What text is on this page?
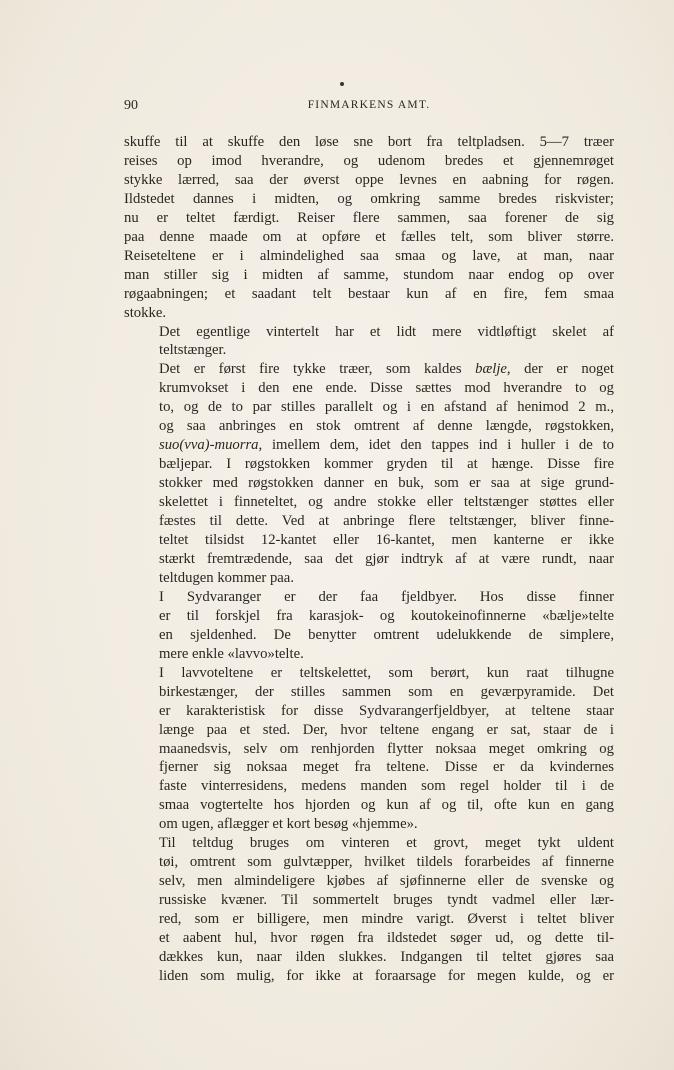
90	FINMARKENS AMT.

skuffe til at skuffe den løse sne bort fra teltpladsen. 5—7 træer
reises op imod hverandre, og udenom bredes et gjennemrøget
stykke lærred, saa der øverst oppe levnes en aabning for røgen.
Ildstedet dannes i midten, og omkring samme bredes riskvister;
nu er teltet færdigt. Reiser flere sammen, saa forener de sig
paa denne maade om at opføre et fælles telt, som bliver større.
Reiseteltene er i almindelighed saa smaa og lave, at man, naar
man stiller sig i midten af samme, stundom naar endog op over
røgaabningen; et saadant telt bestaar kun af en fire, fem smaa
stokke.

Det egentlige vintertelt har et lidt mere vidtløftigt skelet af
teltstænger.

Det er først fire tykke træer, som kaldes bælje, der er noget
krumvokset i den ene ende. Disse sættes mod hverandre to og
to, og de to par stilles parallelt og i en afstand af henimod 2 m.,
og saa anbringes en stok omtrent af denne længde, røgstokken,
suo(vva)-muorra, imellem dem, idet den tappes ind i huller i de to
bæljepar. I røgstokken kommer gryden til at hænge. Disse fire
stokker med røgstokken danner en buk, som er saa at sige grund-
skelettet i finneteltet, og andre stokke eller teltstænger støttes eller
fæstes til dette. Ved at anbringe flere teltstænger, bliver finne-
teltet tilsidst 12-kantet eller 16-kantet, men kanterne er ikke
stærkt fremtrædende, saa det gjør indtryk af at være rundt, naar
teltdugen kommer paa.

I Sydvaranger er der faa fjeldbyer. Hos disse finner
er til forskjel fra karasjok- og koutokeinofinnerne «bælje»telte
en sjeldenhed. De benytter omtrent udelukkende de simplere,
mere enkle «lavvo»telte.

I lavvoteltene er teltskelettet, som berørt, kun raat tilhugne
birkestænger, der stilles sammen som en geværpyramide. Det
er karakteristisk for disse Sydvarangerfjeldbyer, at teltene staar
længe paa et sted. Der, hvor teltene engang er sat, staar de i
maanedsvis, selv om renhjorden flytter noksaa meget omkring og
fjerner sig noksaa meget fra teltene. Disse er da kvindernes
faste vinterresidens, medens manden som regel holder til i de
smaa vogtertelte hos hjorden og kun af og til, ofte kun en gang
om ugen, aflægger et kort besøg «hjemme».

Til teltdug bruges om vinteren et grovt, meget tykt uldent
tøi, omtrent som gulvtæpper, hvilket tildels forarbeides af finnerne
selv, men almindeligere kjøbes af sjøfinnerne eller de svenske og
russiske kvæner. Til sommertelt bruges tyndt vadmel eller lær-
red, som er billigere, men mindre varigt. Øverst i teltet bliver
et aabent hul, hvor røgen fra ildstedet søger ud, og dette til-
dækkes kun, naar ilden slukkes. Indgangen til teltet gjøres saa
liden som mulig, for ikke at foraarsage for megen kulde, og er
